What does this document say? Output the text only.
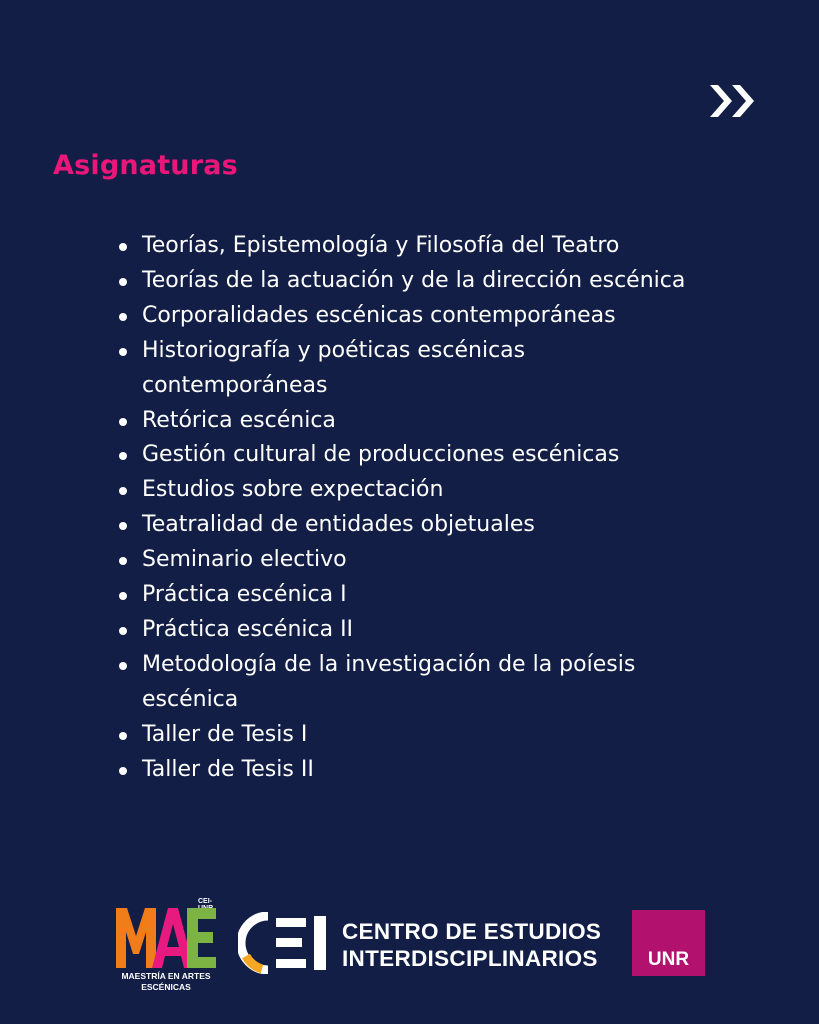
Asignaturas
Teorías, Epistemología y Filosofía del Teatro
Teorías de la actuación y de la dirección escénica
Corporalidades escénicas contemporáneas
Historiografía y poéticas escénicas contemporáneas
Retórica escénica
Gestión cultural de producciones escénicas
Estudios sobre expectación
Teatralidad de entidades objetuales
Seminario electivo
Práctica escénica I
Práctica escénica II
Metodología de la investigación de la poíesis escénica
Taller de Tesis I
Taller de Tesis II
CEI-
MAESTRÍA EN ARTES
ESCÉNICAS
CENTRO DE ESTUDIOS
INTERDISCIPLINARIOS	UNR
